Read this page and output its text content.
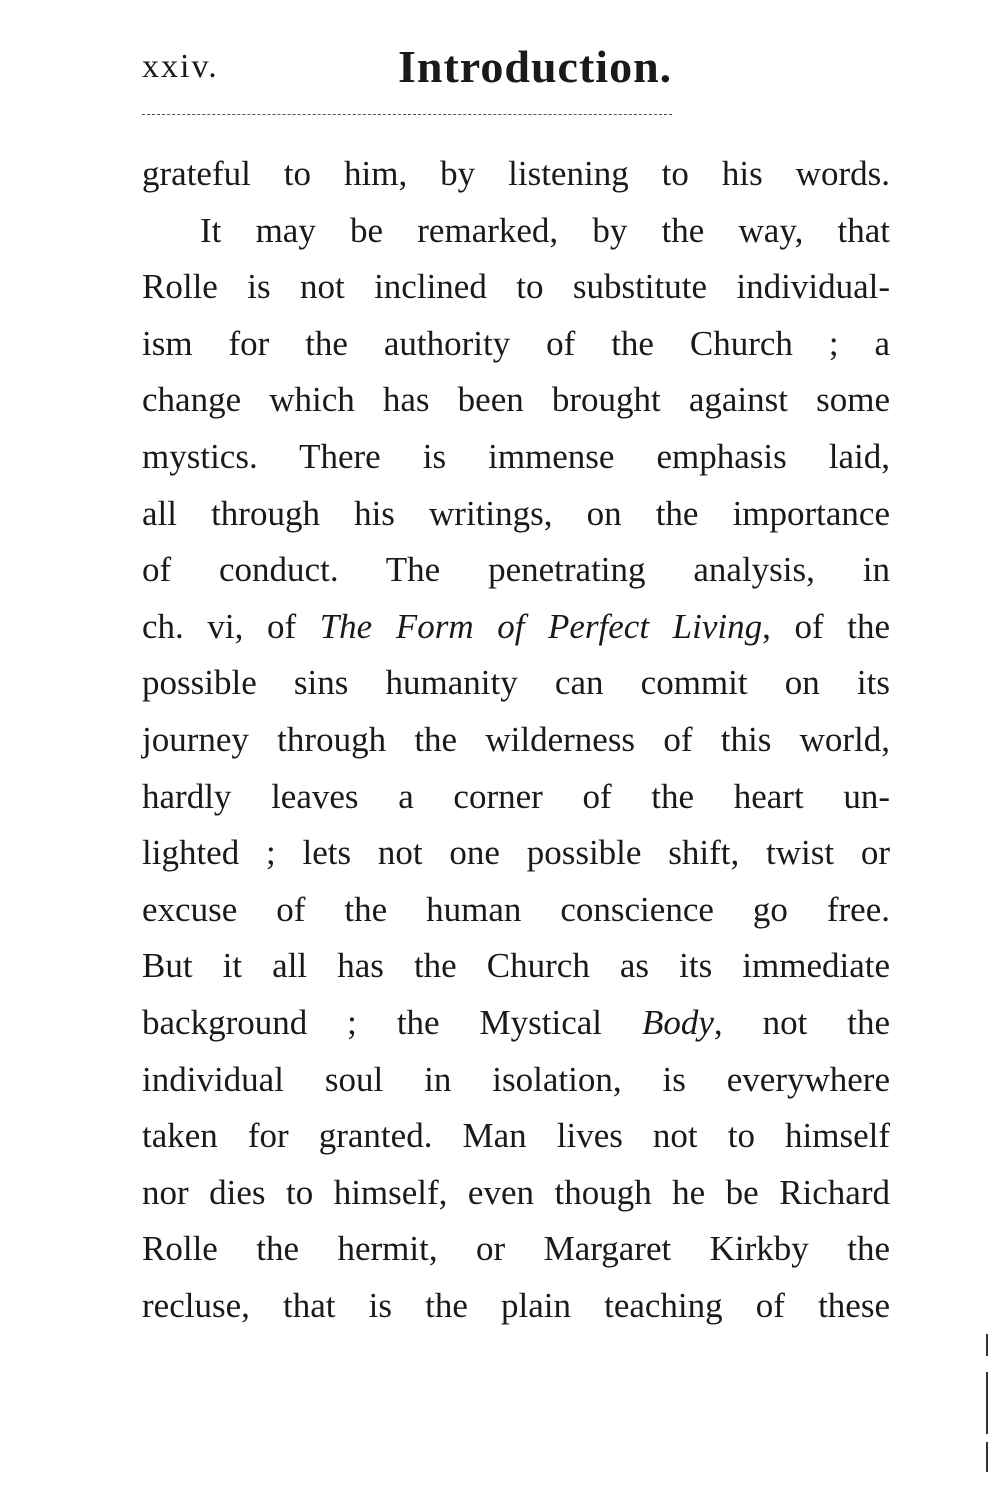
xxiv.	Introduction.
grateful to him, by listening to his words.
It may be remarked, by the way, that
Rolle is not inclined to substitute individual-
ism for the authority of the Church ; a
change which has been brought against some
mystics. There is immense emphasis laid,
all through his writings, on the importance
of conduct. The penetrating analysis, in
ch. vi, of The Form of Perfect Living, of the
possible sins humanity can commit on its
journey through the wilderness of this world,
hardly leaves a corner of the heart un-
lighted ; lets not one possible shift, twist or
excuse of the human conscience go free.
But it all has the Church as its immediate
background ; the Mystical Body, not the
individual soul in isolation, is everywhere
taken for granted. Man lives not to himself
nor dies to himself, even though he be Richard
Rolle the hermit, or Margaret Kirkby the
recluse, that is the plain teaching of these
